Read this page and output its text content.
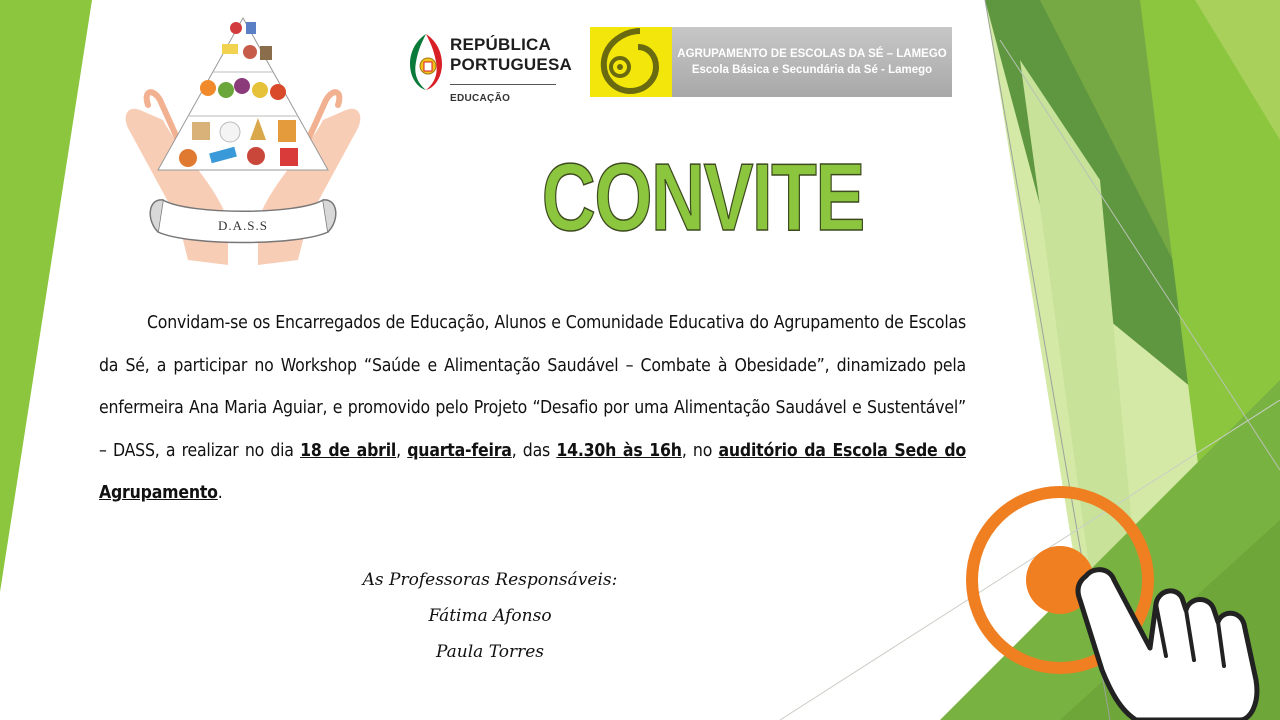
D.A.S.S
REPÚBLICA
PORTUGUESA
EDUCAÇÃO
AGRUPAMENTO DE ESCOLAS DA SÉ – LAMEGO
Escola Básica e Secundária da Sé - Lamego
CONVITE

Convidam-se os Encarregados de Educação, Alunos e Comunidade Educativa do Agrupamento de Escolas da Sé, a participar no Workshop “Saúde e Alimentação Saudável – Combate à Obesidade”, dinamizado pela enfermeira Ana Maria Aguiar, e promovido pelo Projeto “Desafio por uma Alimentação Saudável e Sustentável” – DASS, a realizar no dia 18 de abril, quarta-feira, das 14.30h às 16h, no auditório da Escola Sede do Agrupamento.

As Professoras Responsáveis:
Fátima Afonso
Paula Torres
